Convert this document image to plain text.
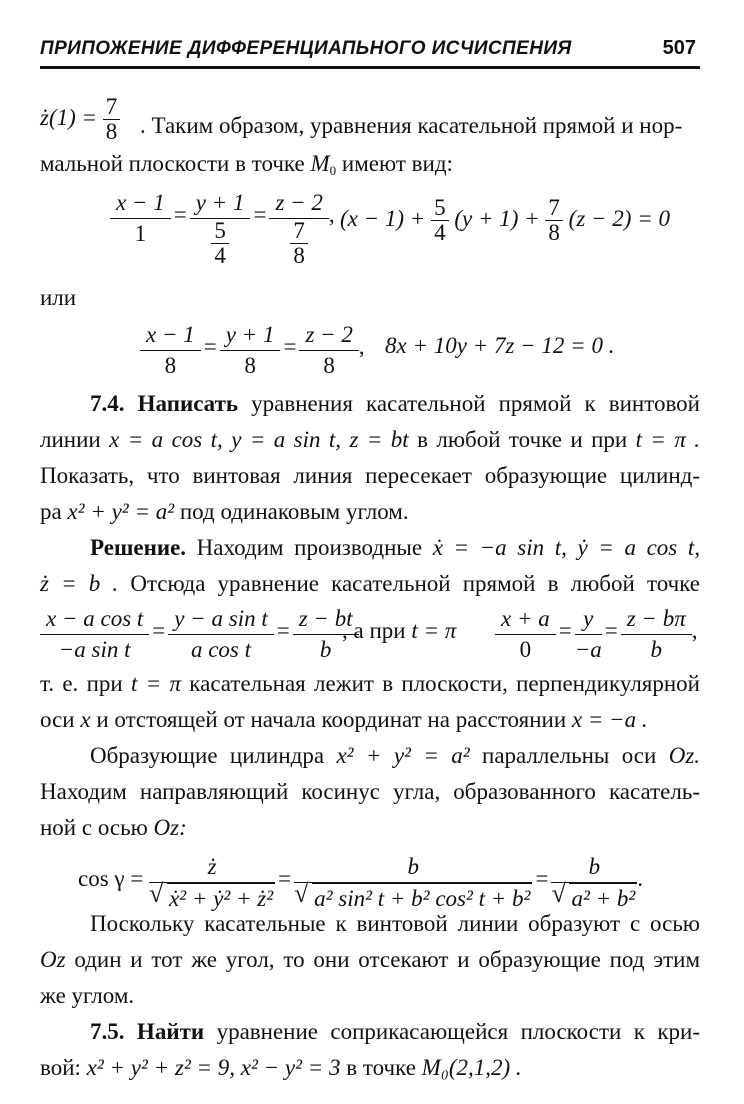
ПРИПОЖЕНИЕ ДИФФЕРЕНЦИАПЬНОГО ИСЧИСПЕНИЯ	507
ż(1) = $\frac{7}{8}$ . Таким образом, уравнения касательной прямой и нор-
мальной плоскости в точке $M_0$ имеют вид:
$\frac{x - 1}{1} = \frac{y + 1}{\frac{5}{4}} = \frac{z - 2}{\frac{7}{8}}$ , $(x - 1) + \frac{5}{4} (y + 1) + \frac{7}{8} (z - 2) = 0$
или
$\frac{x - 1}{8} = \frac{y + 1}{8} = \frac{z - 2}{8}$ , 8x + 10y + 7z − 12 = 0 .
7.4. Написать уравнения касательной прямой к винтовой
линии x = a cos t, y = a sin t, z = bt в любой точке и при t = π .
Показать, что винтовая линия пересекает образующие цилинд-
ра x² + y² = a² под одинаковым углом.
Решение. Находим производные ẋ = −a sin t, ẏ = a cos t,
ż = b . Отсюда уравнение касательной прямой в любой точке
$\frac{\text{x − a cos t}}{\text{−a sin t}} = \frac{\text{y − a sin t}}{\text{a cos t}} = \frac{z - bt}{b}$
, а при t = π $\frac{x + a}{0} = \frac{y}{-a} = \frac{z - b\pi}{b}$ ,
т. е. при t = π касательная лежит в плоскости, перпендикулярной
оси x и отстоящей от начала координат на расстоянии x = −a .
Образующие цилиндра x² + y² = a² параллельны оси Oz.
Находим направляющий косинус угла, образованного касатель-
ной с осью Oz:
cos γ = ż
√ ẋ² + ẏ² + ż² = b
√ a² sin² t + b² cos² t + b² = b
√ a² + b² .
Поскольку касательные к винтовой линии образуют с осью
Oz один и тот же угол, то они отсекают и образующие под этим
же углом.
7.5. Найти уравнение соприкасающейся плоскости к кри-
вой: x² + y² + z² = 9, x² − y² = 3 в точке M₀(2,1,2) .
